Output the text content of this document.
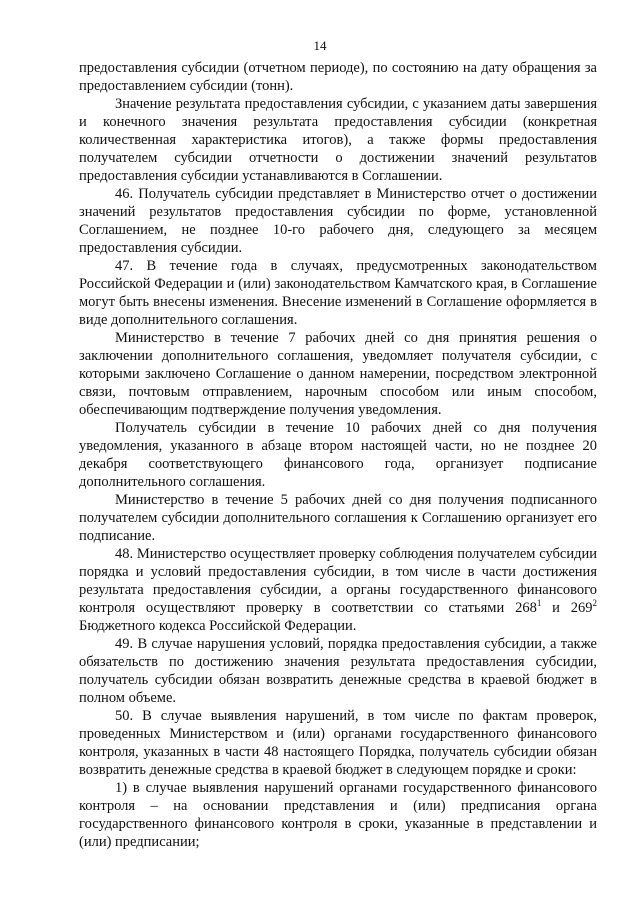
14

предоставления субсидии (отчетном периоде), по состоянию на дату обращения за предоставлением субсидии (тонн).

Значение результата предоставления субсидии, с указанием даты завершения и конечного значения результата предоставления субсидии (конкретная количественная характеристика итогов), а также формы предоставления получателем субсидии отчетности о достижении значений результатов предоставления субсидии устанавливаются в Соглашении.

46. Получатель субсидии представляет в Министерство отчет о достижении значений результатов предоставления субсидии по форме, установленной Соглашением, не позднее 10-го рабочего дня, следующего за месяцем предоставления субсидии.

47. В течение года в случаях, предусмотренных законодательством Российской Федерации и (или) законодательством Камчатского края, в Соглашение могут быть внесены изменения. Внесение изменений в Соглашение оформляется в виде дополнительного соглашения.

Министерство в течение 7 рабочих дней со дня принятия решения о заключении дополнительного соглашения, уведомляет получателя субсидии, с которыми заключено Соглашение о данном намерении, посредством электронной связи, почтовым отправлением, нарочным способом или иным способом, обеспечивающим подтверждение получения уведомления.

Получатель субсидии в течение 10 рабочих дней со дня получения уведомления, указанного в абзаце втором настоящей части, но не позднее 20 декабря соответствующего финансового года, организует подписание дополнительного соглашения.

Министерство в течение 5 рабочих дней со дня получения подписанного получателем субсидии дополнительного соглашения к Соглашению организует его подписание.

48. Министерство осуществляет проверку соблюдения получателем субсидии порядка и условий предоставления субсидии, в том числе в части достижения результата предоставления субсидии, а органы государственного финансового контроля осуществляют проверку в соответствии со статьями $268^1$ и $269^2$ Бюджетного кодекса Российской Федерации.

49. В случае нарушения условий, порядка предоставления субсидии, а также обязательств по достижению значения результата предоставления субсидии, получатель субсидии обязан возвратить денежные средства в краевой бюджет в полном объеме.

50. В случае выявления нарушений, в том числе по фактам проверок, проведенных Министерством и (или) органами государственного финансового контроля, указанных в части 48 настоящего Порядка, получатель субсидии обязан возвратить денежные средства в краевой бюджет в следующем порядке и сроки:

1) в случае выявления нарушений органами государственного финансового контроля – на основании представления и (или) предписания органа государственного финансового контроля в сроки, указанные в представлении и (или) предписании;
